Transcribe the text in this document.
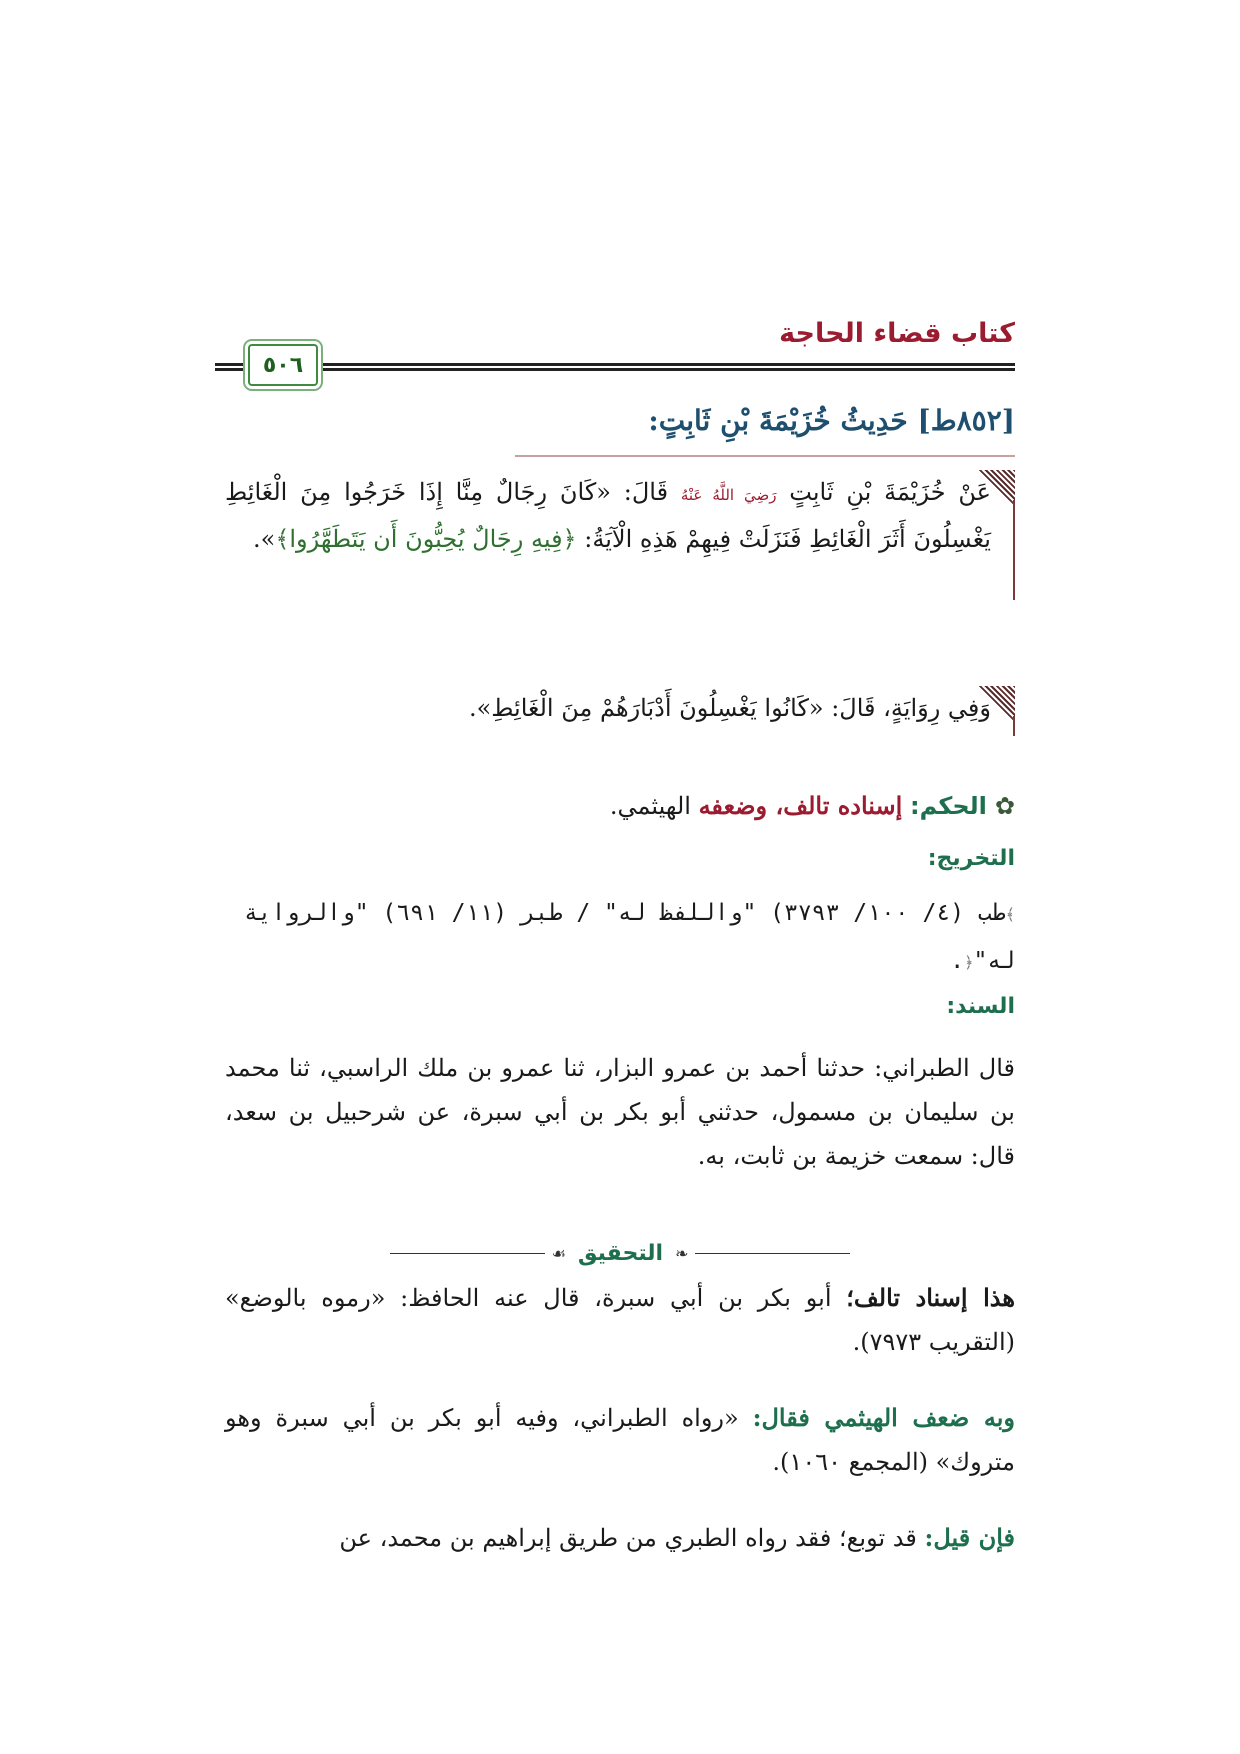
كتاب قضاء الحاجة
٥٠٦
[٨٥٢ط] حَدِيثُ خُزَيْمَةَ بْنِ ثَابِتٍ:

عَنْ خُزَيْمَةَ بْنِ ثَابِتٍ رَضِيَ اللَّهُ عَنْهُ قَالَ: «كَانَ رِجَالٌ مِنَّا إِذَا خَرَجُوا مِنَ الْغَائِطِ يَغْسِلُونَ أَثَرَ الْغَائِطِ فَنَزَلَتْ فِيهِمْ هَذِهِ الْآيَةُ: ﴿فِيهِ رِجَالٌ يُحِبُّونَ أَن يَتَطَهَّرُوا﴾».

وَفِي رِوَايَةٍ، قَالَ: «كَانُوا يَغْسِلُونَ أَدْبَارَهُمْ مِنَ الْغَائِطِ».

✿الحكم: إسناده تالف، وضعفه الهيثمي.
التخريج:
﴾طب (٤/ ١٠٠/ ٣٧٩٣) "واللفظ له" / طبر (١١/ ٦٩١) "والرواية له"﴿.
السند:

قال الطبراني: حدثنا أحمد بن عمرو البزار، ثنا عمرو بن ملك الراسبي، ثنا محمد بن سليمان بن مسمول، حدثني أبو بكر بن أبي سبرة، عن شرحبيل بن سعد، قال: سمعت خزيمة بن ثابت، به.

❧
التحقيق
☙

هذا إسناد تالف؛ أبو بكر بن أبي سبرة، قال عنه الحافظ: «رموه بالوضع» (التقريب ٧٩٧٣).

وبه ضعف الهيثمي فقال: «رواه الطبراني، وفيه أبو بكر بن أبي سبرة وهو متروك» (المجمع ١٠٦٠).

فإن قيل: قد توبع؛ فقد رواه الطبري من طريق إبراهيم بن محمد، عن
